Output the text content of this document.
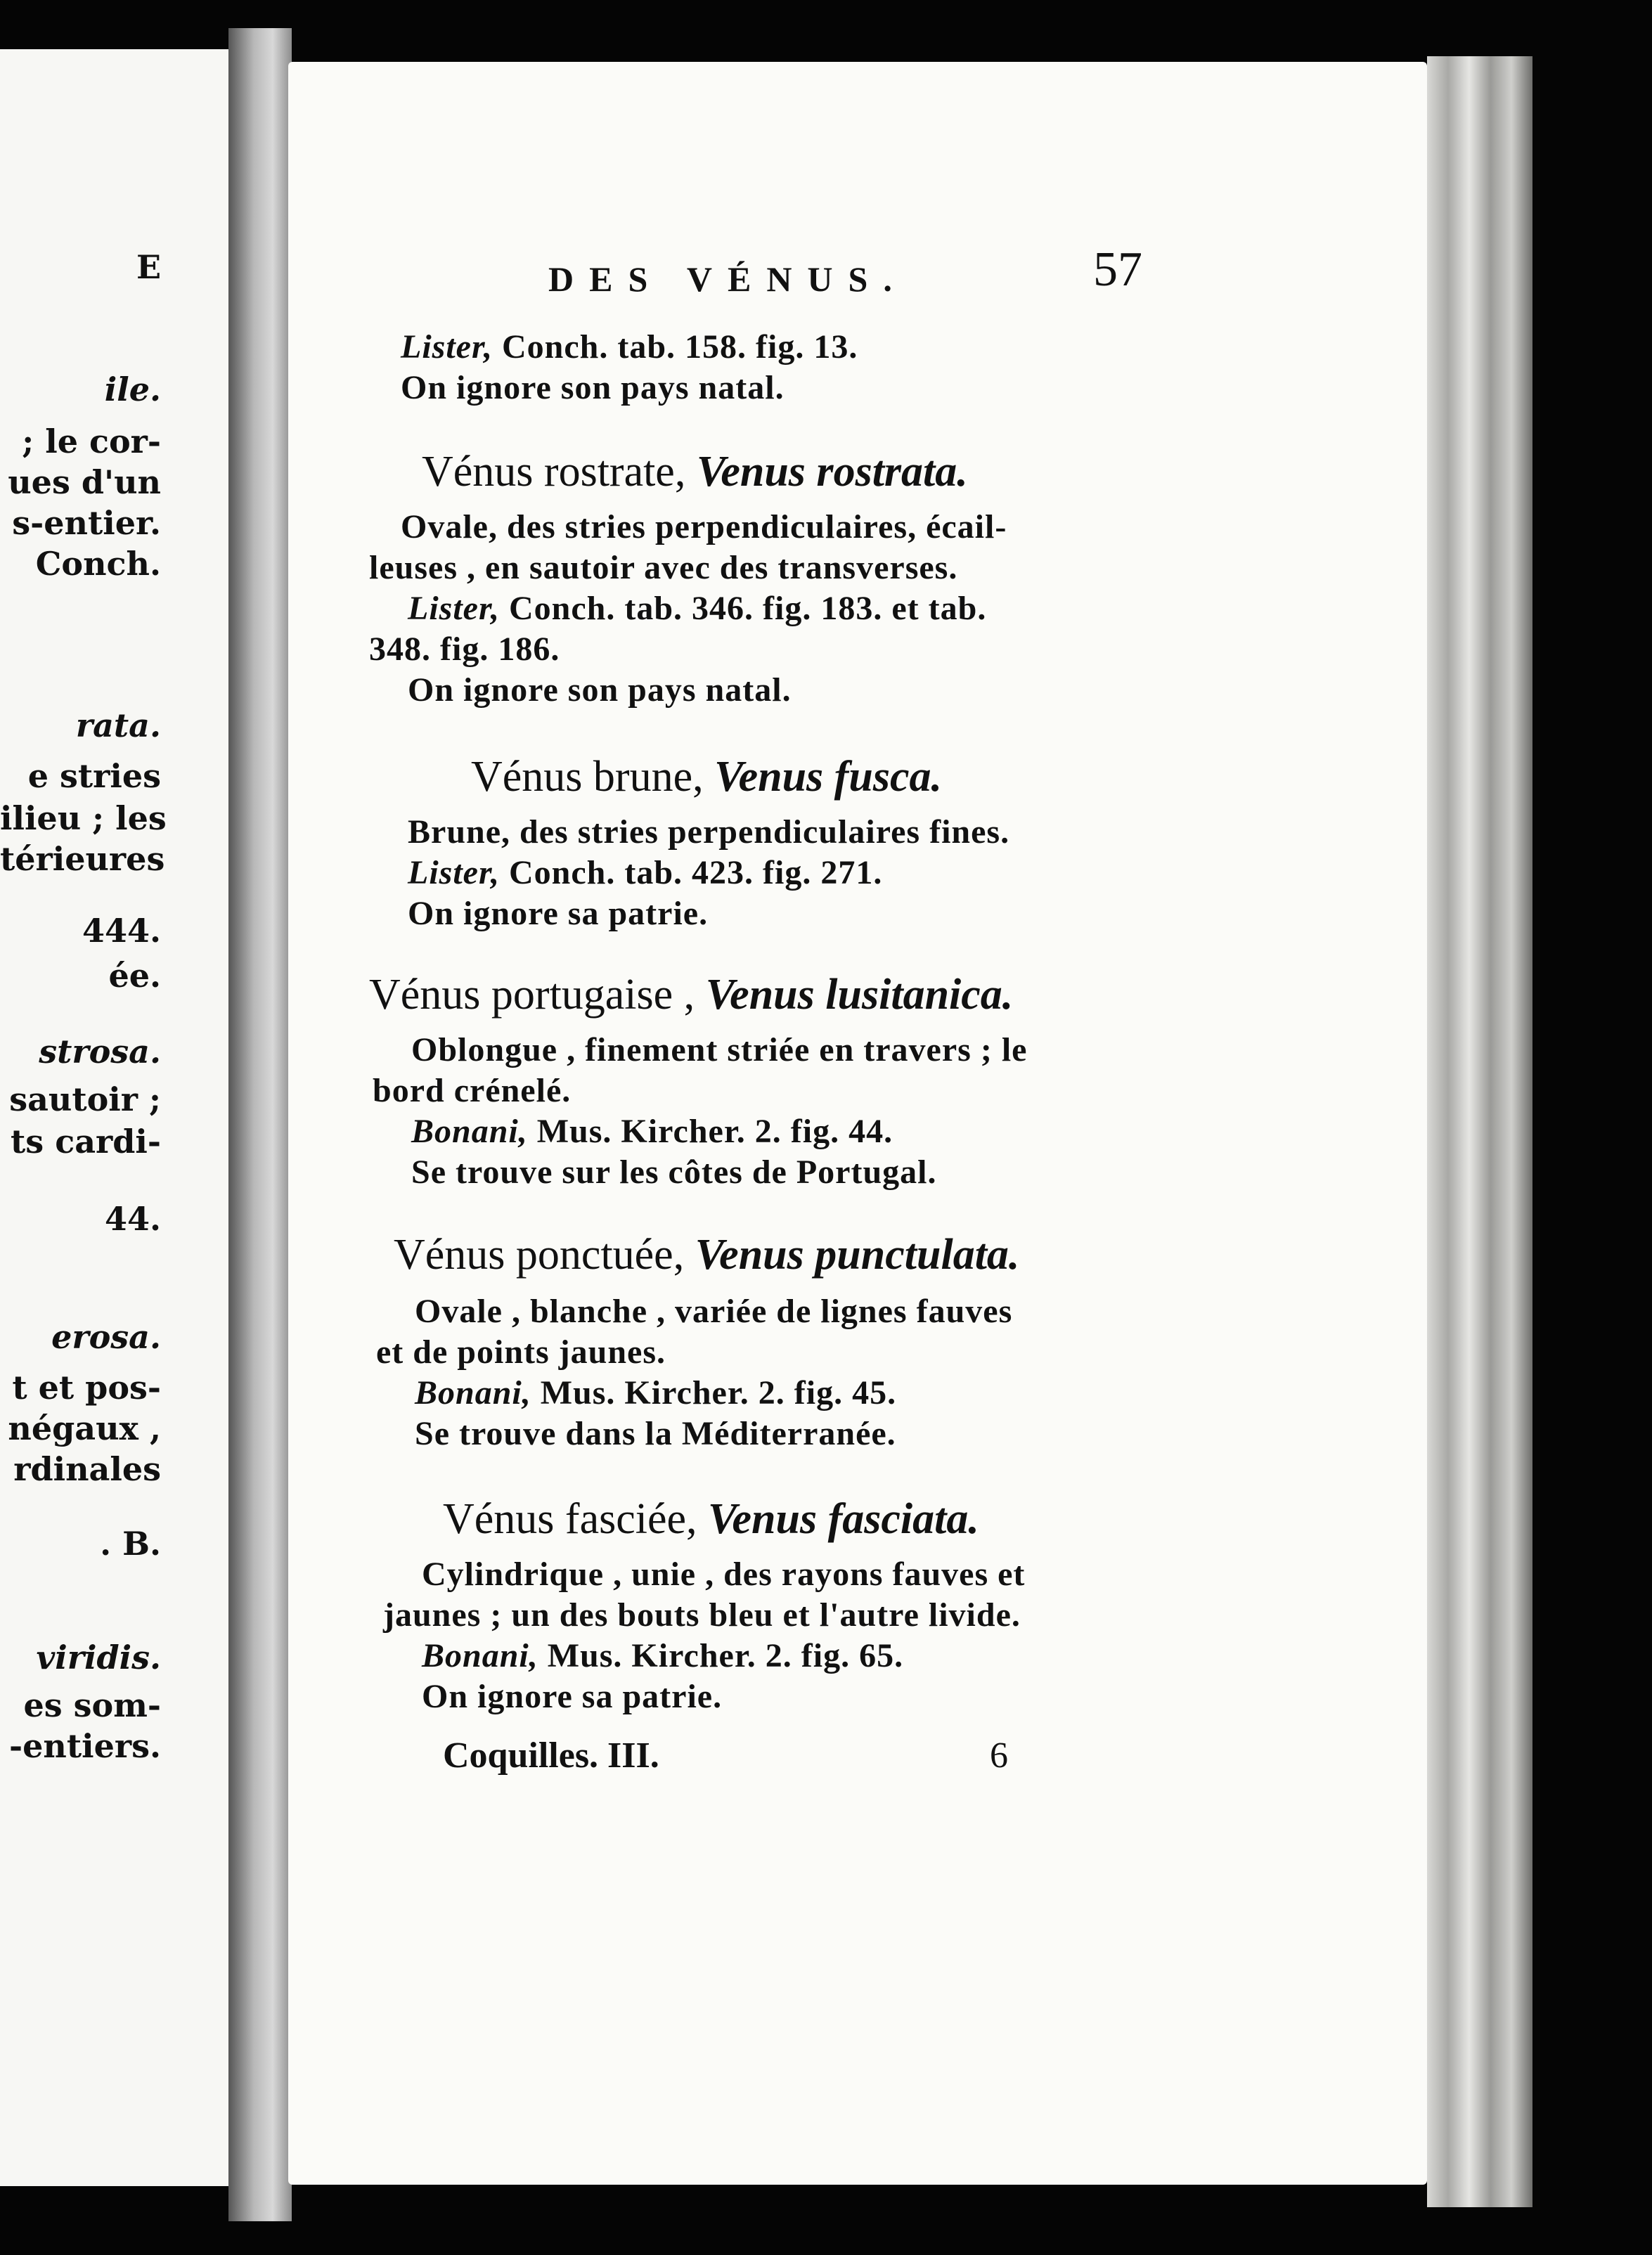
E
ile.
; le cor-
ues d'un
s-entier.
Conch.
rata.
e stries
ilieu ; les
térieures
444.
ée.
strosa.
sautoir ;
ts cardi-
44.
erosa.
t et pos-
négaux ,
rdinales
. B.
viridis.
es som-
-entiers.
DES VÉNUS.	57
Lister, Conch. tab. 158. fig. 13.
On ignore son pays natal.
Vénus rostrate, Venus rostrata.
Ovale, des stries perpendiculaires, écail-
leuses , en sautoir avec des transverses.
Lister, Conch. tab. 346. fig. 183. et tab.
348. fig. 186.
On ignore son pays natal.
Vénus brune, Venus fusca.
Brune, des stries perpendiculaires fines.
Lister, Conch. tab. 423. fig. 271.
On ignore sa patrie.
Vénus portugaise , Venus lusitanica.
Oblongue , finement striée en travers ; le
bord crénelé.
Bonani, Mus. Kircher. 2. fig. 44.
Se trouve sur les côtes de Portugal.
Vénus ponctuée, Venus punctulata.
Ovale , blanche , variée de lignes fauves
et de points jaunes.
Bonani, Mus. Kircher. 2. fig. 45.
Se trouve dans la Méditerranée.
Vénus fasciée, Venus fasciata.
Cylindrique , unie , des rayons fauves et
jaunes ; un des bouts bleu et l'autre livide.
Bonani, Mus. Kircher. 2. fig. 65.
On ignore sa patrie.
Coquilles. III.	6
